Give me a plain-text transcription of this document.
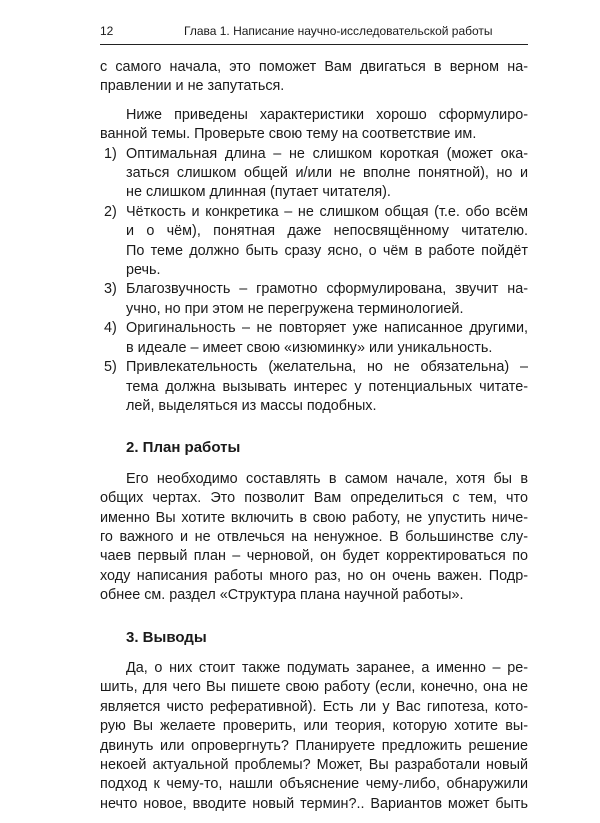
12	Глава 1. Написание научно-исследовательской работы
с самого начала, это поможет Вам двигаться в верном на-
правлении и не запутаться.
Ниже приведены характеристики хорошо сформулиро-
ванной темы. Проверьте свою тему на соответствие им.
1) Оптимальная длина – не слишком короткая (может ока-
заться слишком общей и/или не вполне понятной), но и
не слишком длинная (путает читателя).
2) Чёткость и конкретика – не слишком общая (т.е. обо всём
и о чём), понятная даже непосвящённому читателю.
По теме должно быть сразу ясно, о чём в работе пойдёт
речь.
3) Благозвучность – грамотно сформулирована, звучит на-
учно, но при этом не перегружена терминологией.
4) Оригинальность – не повторяет уже написанное другими,
в идеале – имеет свою «изюминку» или уникальность.
5) Привлекательность (желательна, но не обязательна) –
тема должна вызывать интерес у потенциальных читате-
лей, выделяться из массы подобных.
2. План работы
Его необходимо составлять в самом начале, хотя бы в
общих чертах. Это позволит Вам определиться с тем, что
именно Вы хотите включить в свою работу, не упустить ниче-
го важного и не отвлечься на ненужное. В большинстве слу-
чаев первый план – черновой, он будет корректироваться по
ходу написания работы много раз, но он очень важен. Подр-
обнее см. раздел «Структура плана научной работы».
3. Выводы
Да, о них стоит также подумать заранее, а именно – ре-
шить, для чего Вы пишете свою работу (если, конечно, она не
является чисто реферативной). Есть ли у Вас гипотеза, кото-
рую Вы желаете проверить, или теория, которую хотите вы-
двинуть или опровергнуть? Планируете предложить решение
некоей актуальной проблемы? Может, Вы разработали новый
подход к чему-то, нашли объяснение чему-либо, обнаружили
нечто новое, вводите новый термин?.. Вариантов может быть
